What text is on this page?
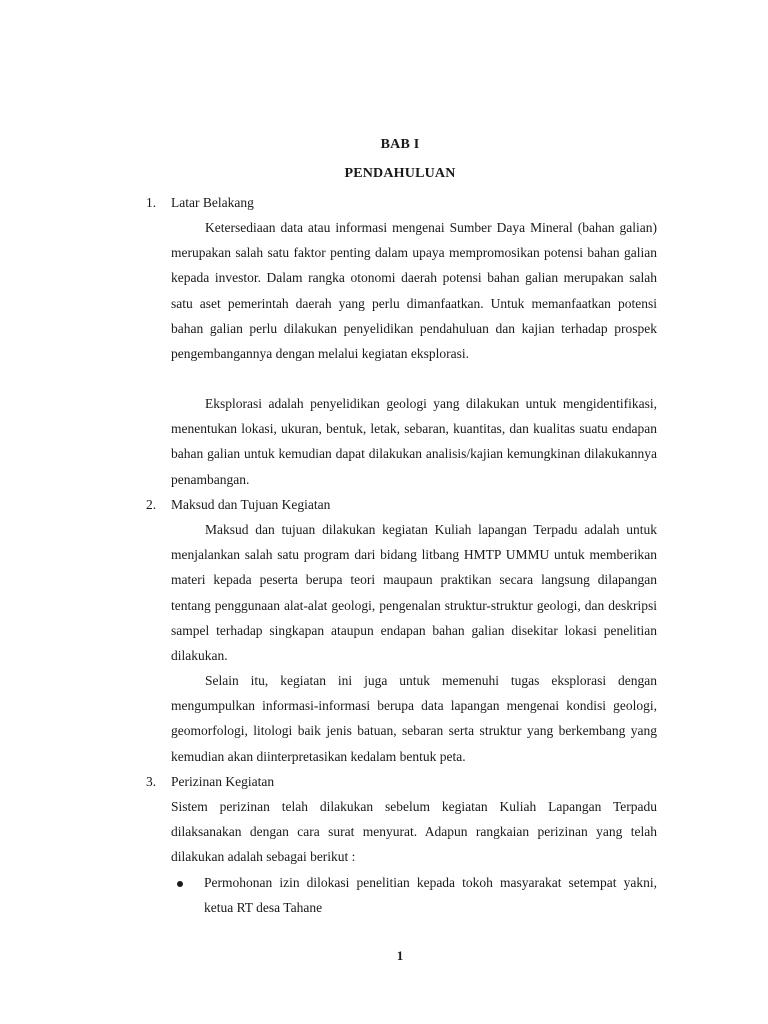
BAB I
PENDAHULUAN
1. Latar Belakang

Ketersediaan data atau informasi mengenai Sumber Daya Mineral (bahan galian) merupakan salah satu faktor penting dalam upaya mempromosikan potensi bahan galian kepada investor. Dalam rangka otonomi daerah potensi bahan galian merupakan salah satu aset pemerintah daerah yang perlu dimanfaatkan. Untuk memanfaatkan potensi bahan galian perlu dilakukan penyelidikan pendahuluan dan kajian terhadap prospek pengembangannya dengan melalui kegiatan eksplorasi.

Eksplorasi adalah penyelidikan geologi yang dilakukan untuk mengidentifikasi, menentukan lokasi, ukuran, bentuk, letak, sebaran, kuantitas, dan kualitas suatu endapan bahan galian untuk kemudian dapat dilakukan analisis/kajian kemungkinan dilakukannya penambangan.

2. Maksud dan Tujuan Kegiatan

Maksud dan tujuan dilakukan kegiatan Kuliah lapangan Terpadu adalah untuk menjalankan salah satu program dari bidang litbang HMTP UMMU untuk memberikan materi kepada peserta berupa teori maupaun praktikan secara langsung dilapangan tentang penggunaan alat-alat geologi, pengenalan struktur-struktur geologi, dan deskripsi sampel terhadap singkapan ataupun endapan bahan galian disekitar lokasi penelitian dilakukan.

Selain itu, kegiatan ini juga untuk memenuhi tugas eksplorasi dengan mengumpulkan informasi-informasi berupa data lapangan mengenai kondisi geologi, geomorfologi, litologi baik jenis batuan, sebaran serta struktur yang berkembang yang kemudian akan diinterpretasikan kedalam bentuk peta.

3. Perizinan Kegiatan

Sistem perizinan telah dilakukan sebelum kegiatan Kuliah Lapangan Terpadu dilaksanakan dengan cara surat menyurat. Adapun rangkaian perizinan yang telah dilakukan adalah sebagai berikut :

Permohonan izin dilokasi penelitian kepada tokoh masyarakat setempat yakni, ketua RT desa Tahane

1
